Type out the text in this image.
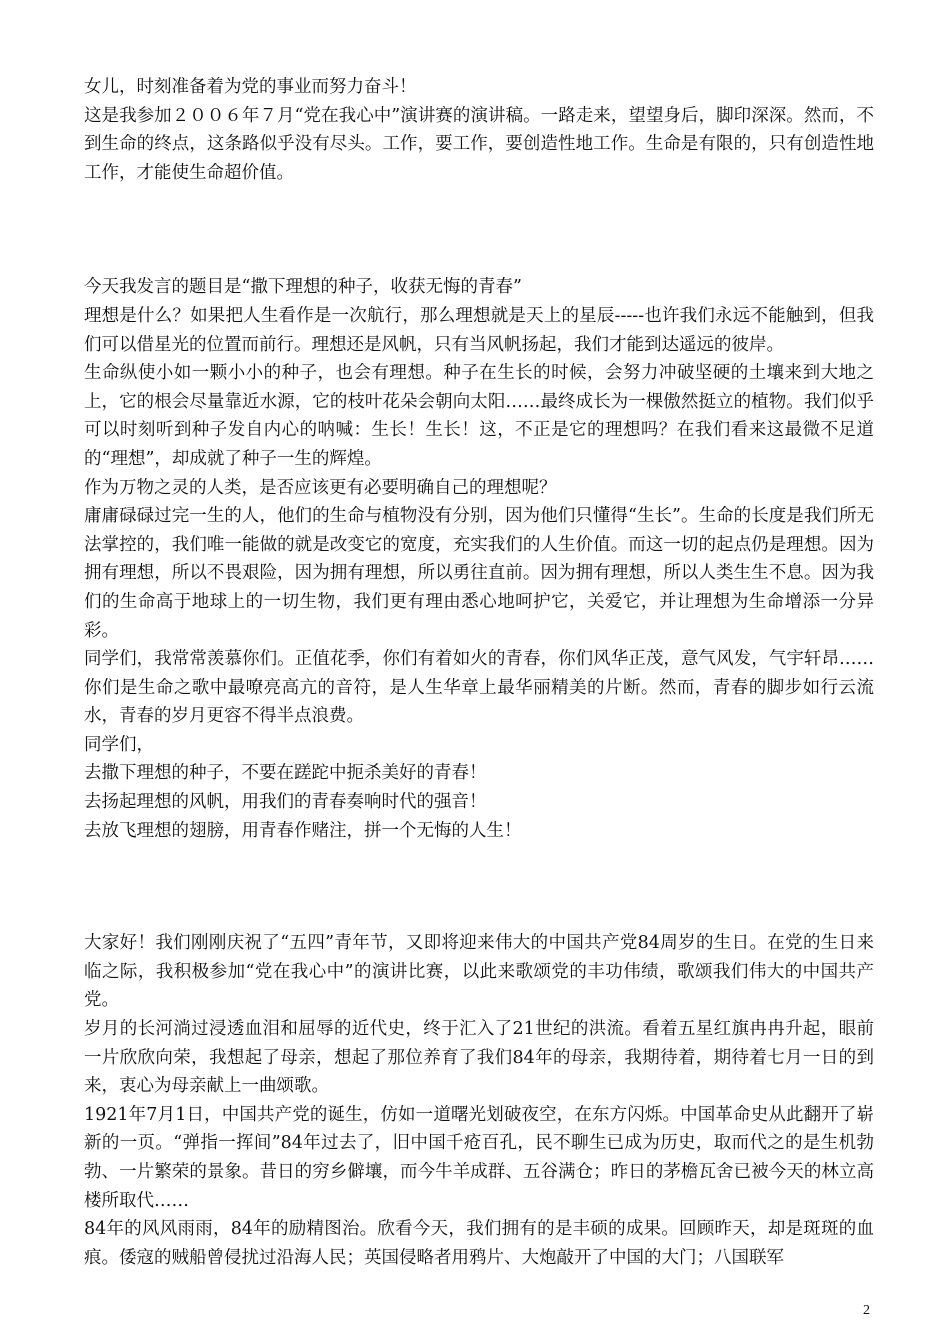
女儿，时刻准备着为党的事业而努力奋斗！

这是我参加２００６年７月“党在我心中”演讲赛的演讲稿。一路走来，望望身后，脚印深深。然而，不到生命的终点，这条路似乎没有尽头。工作，要工作，要创造性地工作。生命是有限的，只有创造性地工作，才能使生命超价值。

今天我发言的题目是“撒下理想的种子，收获无悔的青春”

理想是什么？如果把人生看作是一次航行，那么理想就是天上的星辰-----也许我们永远不能触到，但我们可以借星光的位置而前行。理想还是风帆，只有当风帆扬起，我们才能到达遥远的彼岸。

生命纵使小如一颗小小的种子，也会有理想。种子在生长的时候，会努力冲破坚硬的土壤来到大地之上，它的根会尽量靠近水源，它的枝叶花朵会朝向太阳……最终成长为一棵傲然挺立的植物。我们似乎可以时刻听到种子发自内心的呐喊：生长！生长！这，不正是它的理想吗？在我们看来这最微不足道的“理想”，却成就了种子一生的辉煌。

作为万物之灵的人类，是否应该更有必要明确自己的理想呢？

庸庸碌碌过完一生的人，他们的生命与植物没有分别，因为他们只懂得“生长”。生命的长度是我们所无法掌控的，我们唯一能做的就是改变它的宽度，充实我们的人生价值。而这一切的起点仍是理想。因为拥有理想，所以不畏艰险，因为拥有理想，所以勇往直前。因为拥有理想，所以人类生生不息。因为我们的生命高于地球上的一切生物，我们更有理由悉心地呵护它，关爱它，并让理想为生命增添一分异彩。

同学们，我常常羡慕你们。正值花季，你们有着如火的青春，你们风华正茂，意气风发，气宇轩昂……你们是生命之歌中最嘹亮高亢的音符，是人生华章上最华丽精美的片断。然而，青春的脚步如行云流水，青春的岁月更容不得半点浪费。

同学们，

去撒下理想的种子，不要在蹉跎中扼杀美好的青春！

去扬起理想的风帆，用我们的青春奏响时代的强音！

去放飞理想的翅膀，用青春作赌注，拼一个无悔的人生！

大家好！我们刚刚庆祝了“五四”青年节，又即将迎来伟大的中国共产党84周岁的生日。在党的生日来临之际，我积极参加“党在我心中”的演讲比赛，以此来歌颂党的丰功伟绩，歌颂我们伟大的中国共产党。

岁月的长河淌过浸透血泪和屈辱的近代史，终于汇入了21世纪的洪流。看着五星红旗冉冉升起，眼前一片欣欣向荣，我想起了母亲，想起了那位养育了我们84年的母亲，我期待着，期待着七月一日的到来，衷心为母亲献上一曲颂歌。

1921年7月1日，中国共产党的诞生，仿如一道曙光划破夜空，在东方闪烁。中国革命史从此翻开了崭新的一页。“弹指一挥间”84年过去了，旧中国千疮百孔，民不聊生已成为历史，取而代之的是生机勃勃、一片繁荣的景象。昔日的穷乡僻壤，而今牛羊成群、五谷满仓；昨日的茅檐瓦舍已被今天的林立高楼所取代……

84年的风风雨雨，84年的励精图治。欣看今天，我们拥有的是丰硕的成果。回顾昨天，却是斑斑的血痕。倭寇的贼船曾侵扰过沿海人民；英国侵略者用鸦片、大炮敲开了中国的大门；八国联军

2
